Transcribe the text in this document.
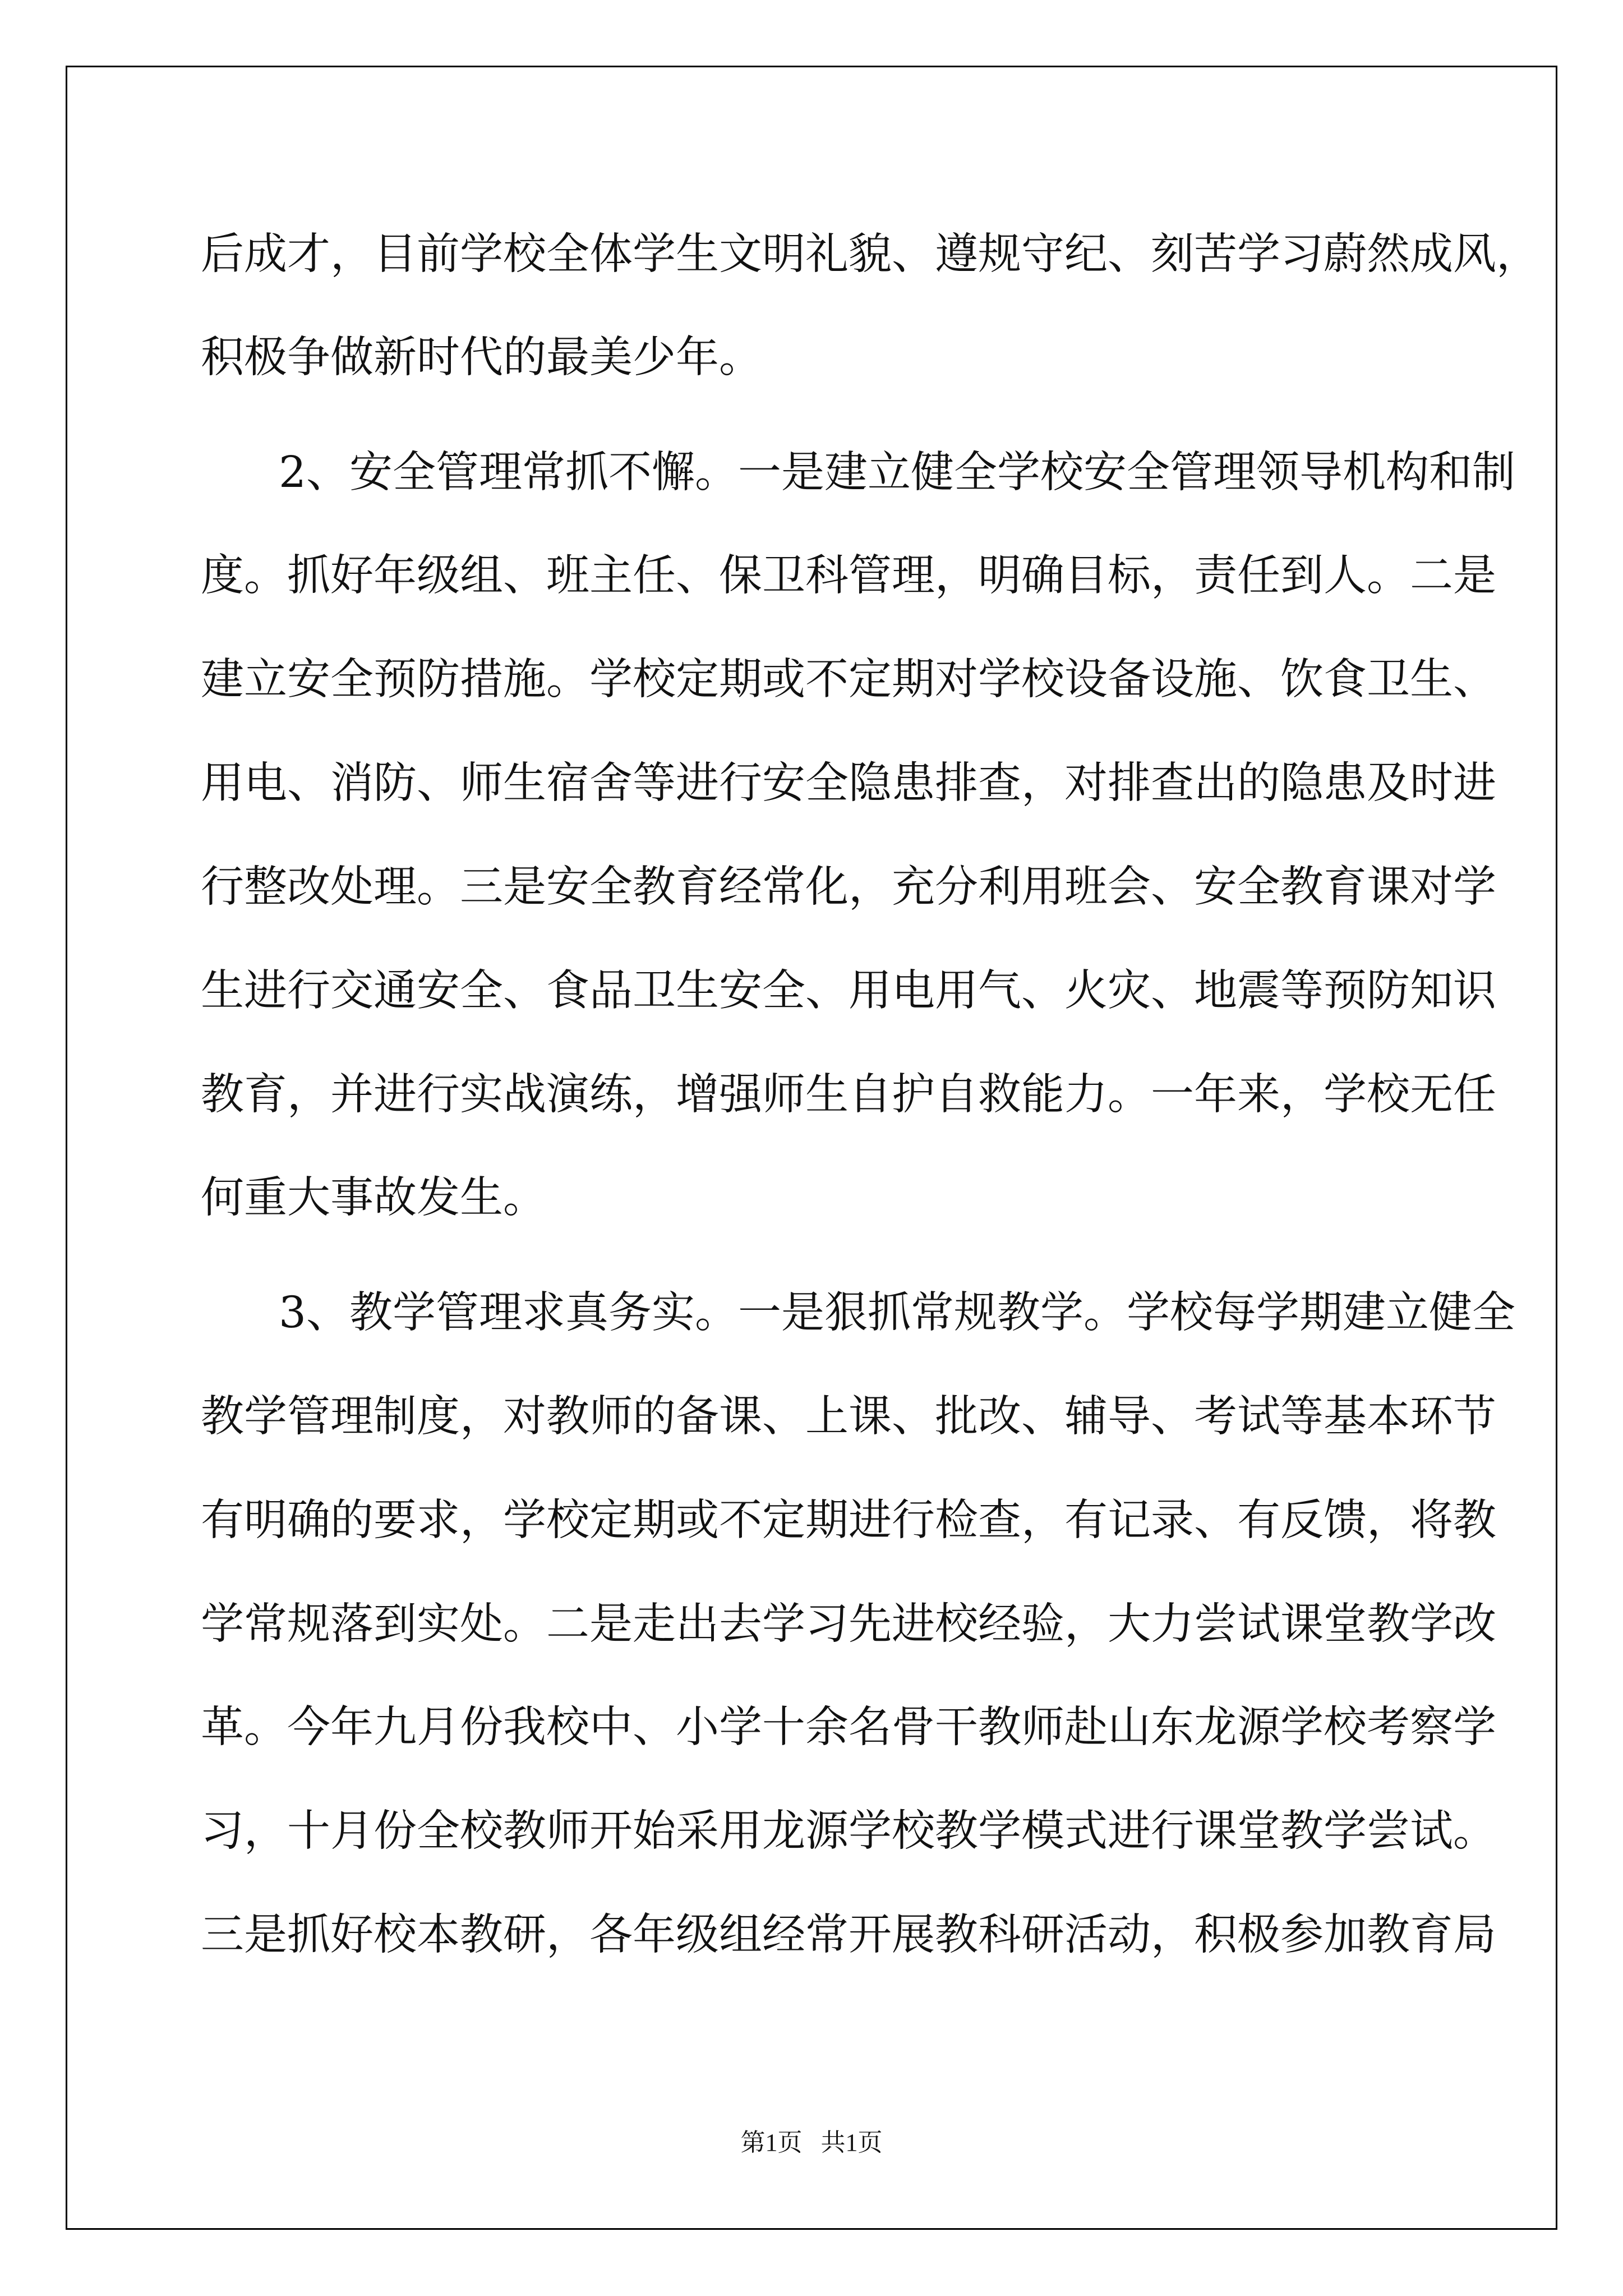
后成才，目前学校全体学生文明礼貌、遵规守纪、刻苦学习蔚然成风，
积极争做新时代的最美少年。
2、安全管理常抓不懈。一是建立健全学校安全管理领导机构和制
度。抓好年级组、班主任、保卫科管理，明确目标，责任到人。二是
建立安全预防措施。学校定期或不定期对学校设备设施、饮食卫生、
用电、消防、师生宿舍等进行安全隐患排查，对排查出的隐患及时进
行整改处理。三是安全教育经常化，充分利用班会、安全教育课对学
生进行交通安全、食品卫生安全、用电用气、火灾、地震等预防知识
教育，并进行实战演练，增强师生自护自救能力。一年来，学校无任
何重大事故发生。
3、教学管理求真务实。一是狠抓常规教学。学校每学期建立健全
教学管理制度，对教师的备课、上课、批改、辅导、考试等基本环节
有明确的要求，学校定期或不定期进行检查，有记录、有反馈，将教
学常规落到实处。二是走出去学习先进校经验，大力尝试课堂教学改
革。今年九月份我校中、小学十余名骨干教师赴山东龙源学校考察学
习，十月份全校教师开始采用龙源学校教学模式进行课堂教学尝试。
三是抓好校本教研，各年级组经常开展教科研活动，积极参加教育局
第1页   共1页
